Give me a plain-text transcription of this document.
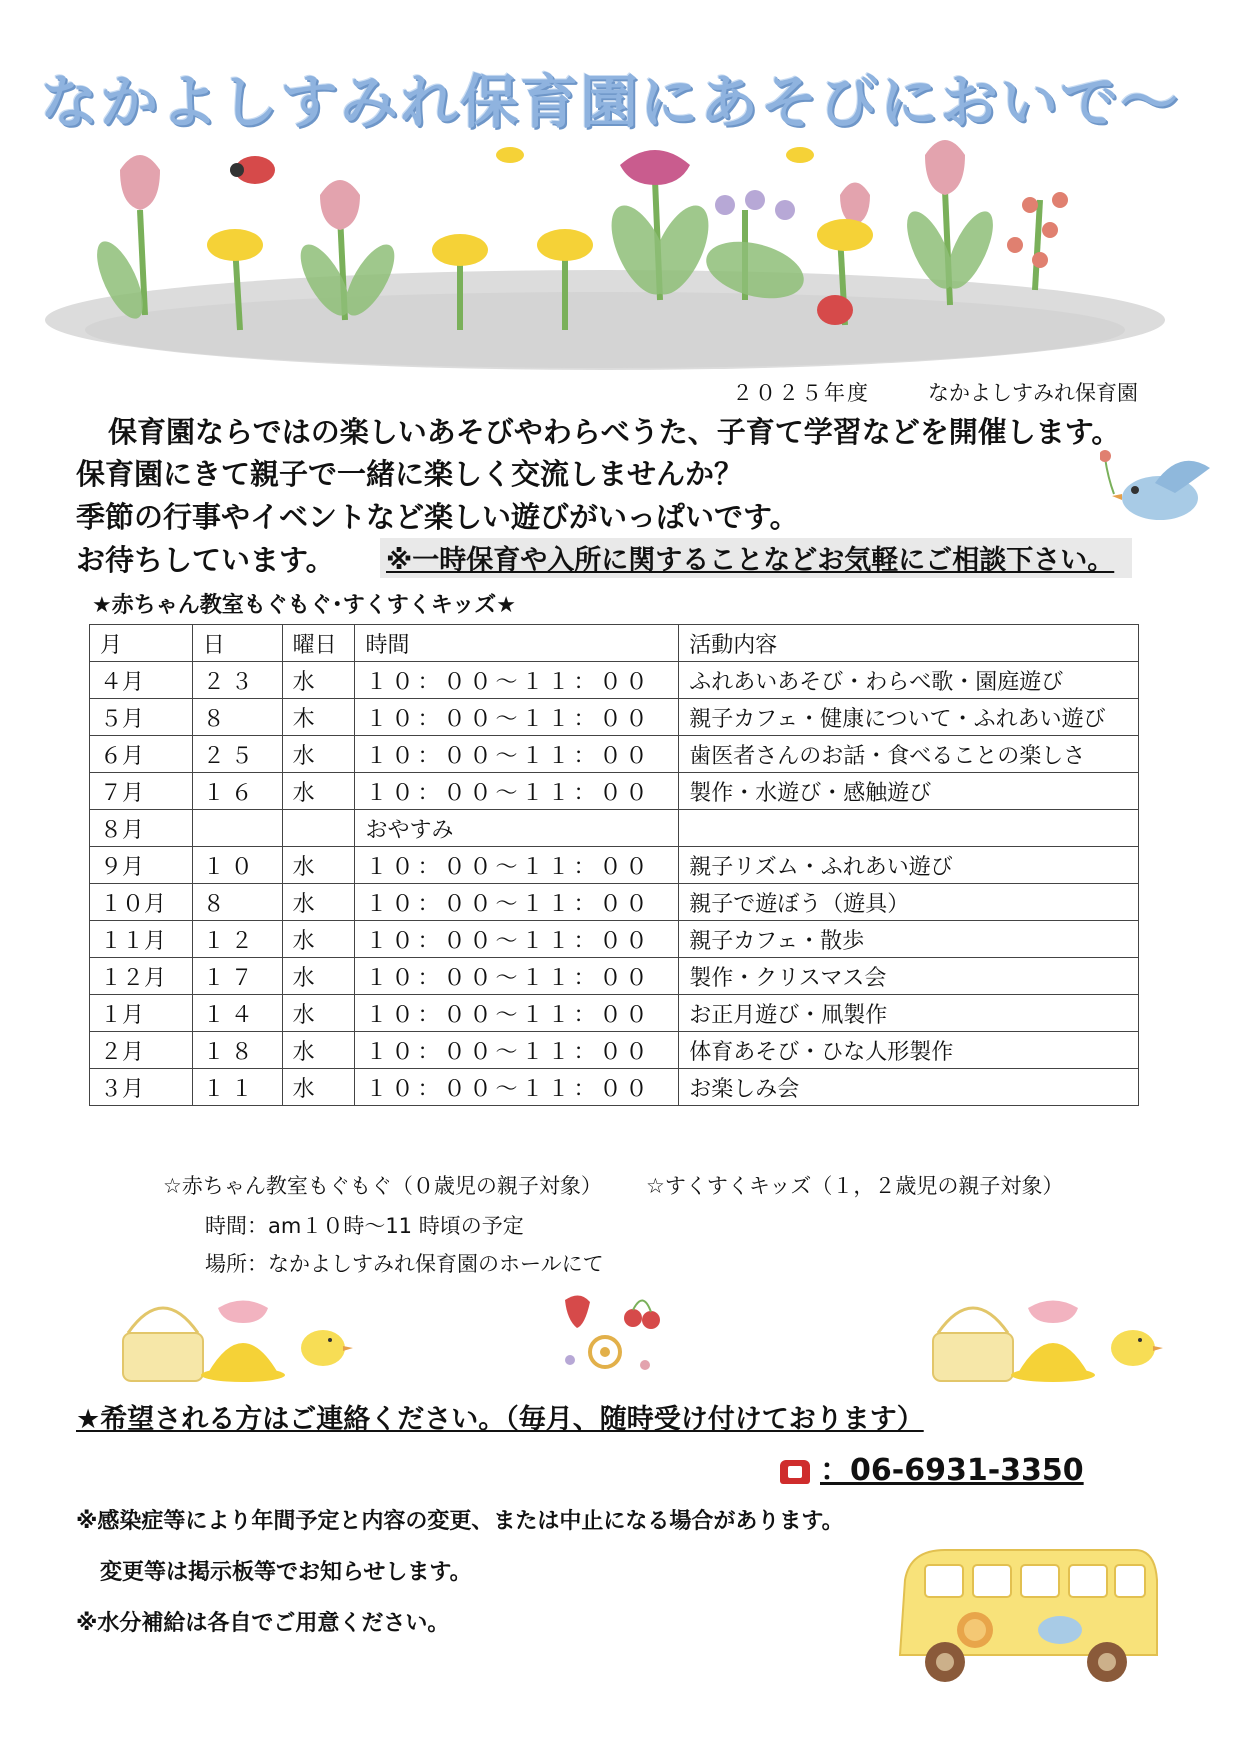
なかよしすみれ保育園にあそびにおいで～
２０２５年度	なかよしすみれ保育園
保育園ならではの楽しいあそびやわらべうた、子育て学習などを開催します。
保育園にきて親子で一緒に楽しく交流しませんか？
季節の行事やイベントなど楽しい遊びがいっぱいです。
お待ちしています。 ※一時保育や入所に関することなどお気軽にご相談下さい。
★赤ちゃん教室もぐもぐ･すくすくキッズ★
月	日	曜日	時間	活動内容
４月	２３	水	１０：００～１１：００	ふれあいあそび・わらべ歌・園庭遊び
５月	８	木	１０：００～１１：００	親子カフェ・健康について・ふれあい遊び
６月	２５	水	１０：００～１１：００	歯医者さんのお話・食べることの楽しさ
７月	１６	水	１０：００～１１：００	製作・水遊び・感触遊び
８月			おやすみ	
９月	１０	水	１０：００～１１：００	親子リズム・ふれあい遊び
１０月	８	水	１０：００～１１：００	親子で遊ぼう（遊具）
１１月	１２	水	１０：００～１１：００	親子カフェ・散歩
１２月	１７	水	１０：００～１１：００	製作・クリスマス会
１月	１４	水	１０：００～１１：００	お正月遊び・凧製作
２月	１８	水	１０：００～１１：００	体育あそび・ひな人形製作
３月	１１	水	１０：００～１１：００	お楽しみ会
☆赤ちゃん教室もぐもぐ（０歳児の親子対象） ☆すくすくキッズ（１，２歳児の親子対象）
時間：am１０時～11 時頃の予定
場所：なかよしすみれ保育園のホールにて
★希望される方はご連絡ください。（毎月、随時受け付けております）
：06-6931-3350
※感染症等により年間予定と内容の変更、または中止になる場合があります。
変更等は掲示板等でお知らせします。
※水分補給は各自でご用意ください。
